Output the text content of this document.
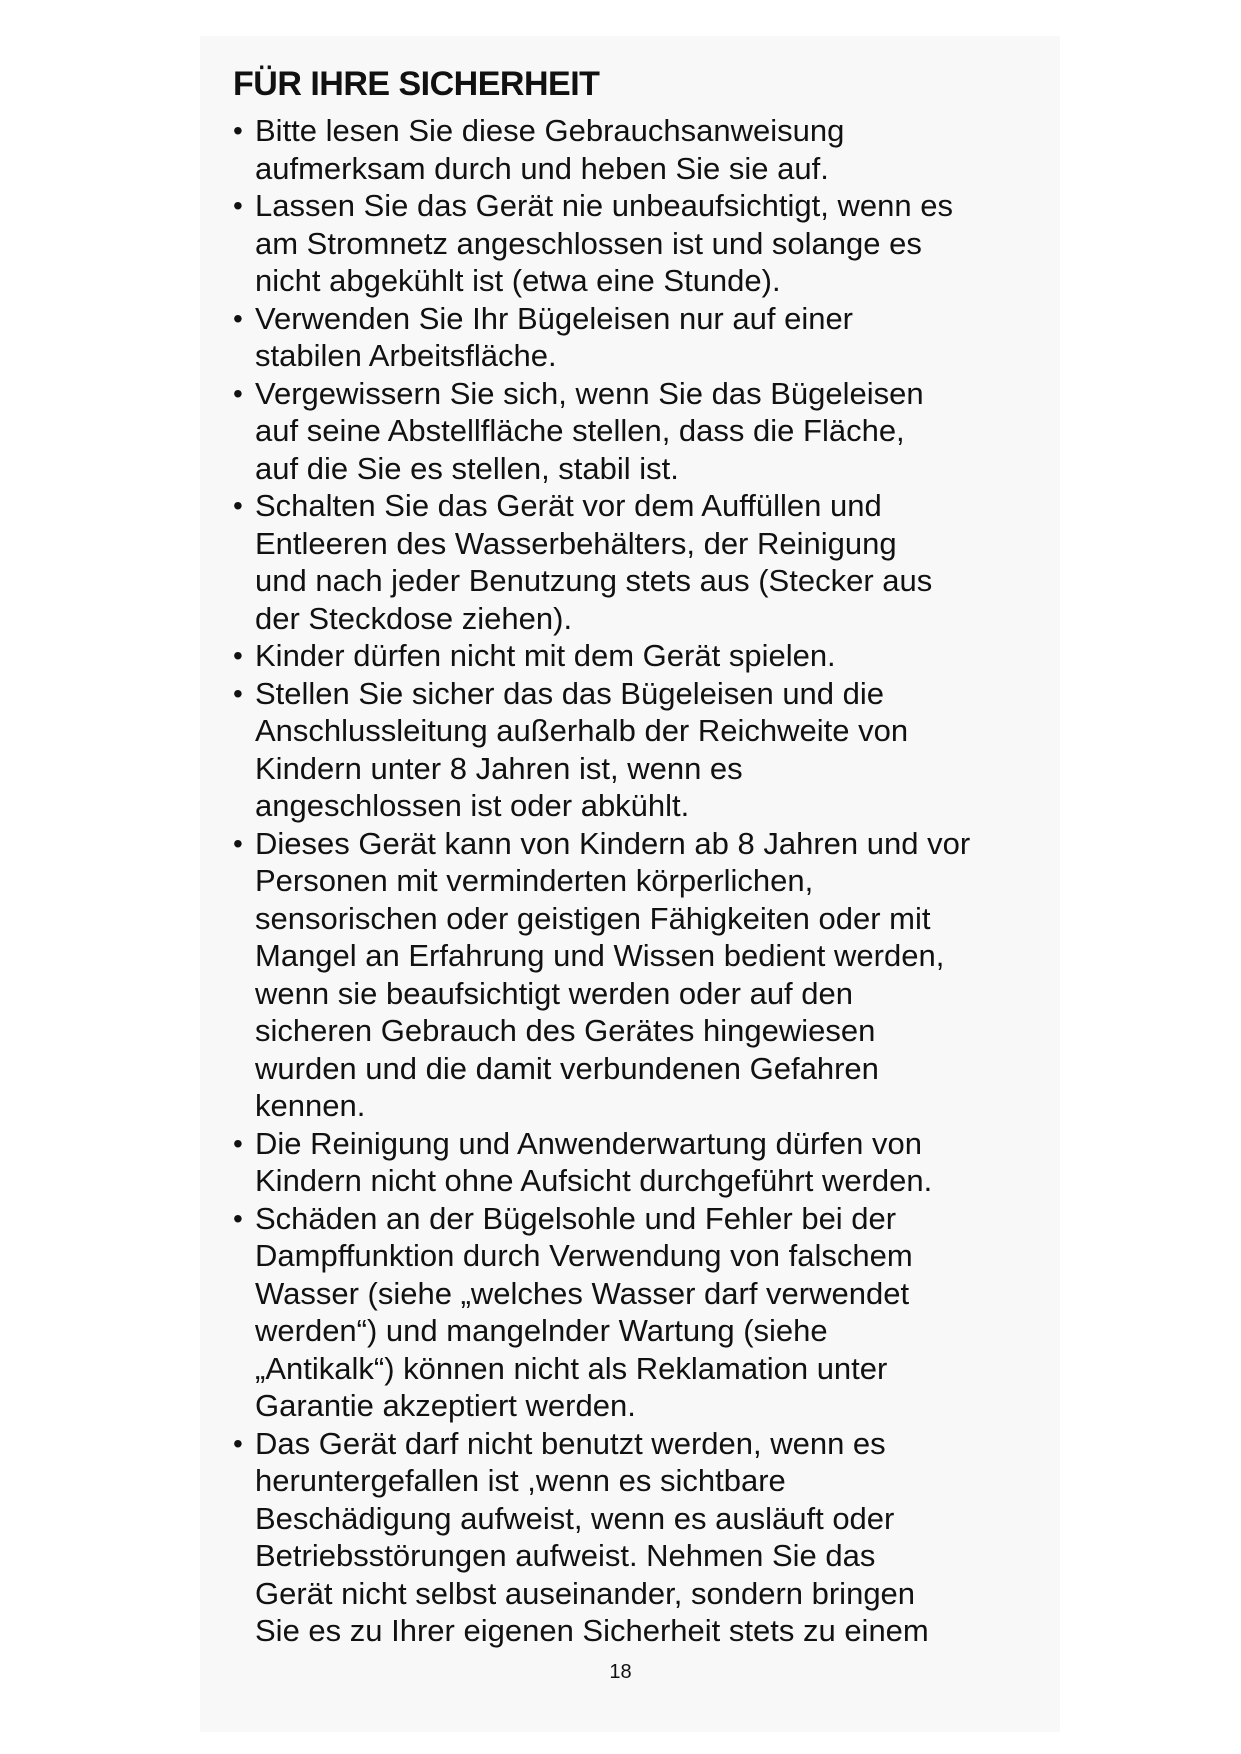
FÜR IHRE SICHERHEIT
• Bitte lesen Sie diese Gebrauchsanweisung
aufmerksam durch und heben Sie sie auf.
• Lassen Sie das Gerät nie unbeaufsichtigt, wenn es
am Stromnetz angeschlossen ist und solange es
nicht abgekühlt ist (etwa eine Stunde).
• Verwenden Sie Ihr Bügeleisen nur auf einer
stabilen Arbeitsfläche.
• Vergewissern Sie sich, wenn Sie das Bügeleisen
auf seine Abstellfläche stellen, dass die Fläche,
auf die Sie es stellen, stabil ist.
• Schalten Sie das Gerät vor dem Auffüllen und
Entleeren des Wasserbehälters, der Reinigung
und nach jeder Benutzung stets aus (Stecker aus
der Steckdose ziehen).
• Kinder dürfen nicht mit dem Gerät spielen.
• Stellen Sie sicher das das Bügeleisen und die
Anschlussleitung außerhalb der Reichweite von
Kindern unter 8 Jahren ist, wenn es
angeschlossen ist oder abkühlt.
• Dieses Gerät kann von Kindern ab 8 Jahren und vor
Personen mit verminderten körperlichen,
sensorischen oder geistigen Fähigkeiten oder mit
Mangel an Erfahrung und Wissen bedient werden,
wenn sie beaufsichtigt werden oder auf den
sicheren Gebrauch des Gerätes hingewiesen
wurden und die damit verbundenen Gefahren
kennen.
• Die Reinigung und Anwenderwartung dürfen von
Kindern nicht ohne Aufsicht durchgeführt werden.
• Schäden an der Bügelsohle und Fehler bei der
Dampffunktion durch Verwendung von falschem
Wasser (siehe „welches Wasser darf verwendet
werden“) und mangelnder Wartung (siehe
„Antikalk“) können nicht als Reklamation unter
Garantie akzeptiert werden.
• Das Gerät darf nicht benutzt werden, wenn es
heruntergefallen ist ,wenn es sichtbare
Beschädigung aufweist, wenn es ausläuft oder
Betriebsstörungen aufweist. Nehmen Sie das
Gerät nicht selbst auseinander, sondern bringen
Sie es zu Ihrer eigenen Sicherheit stets zu einem
18
